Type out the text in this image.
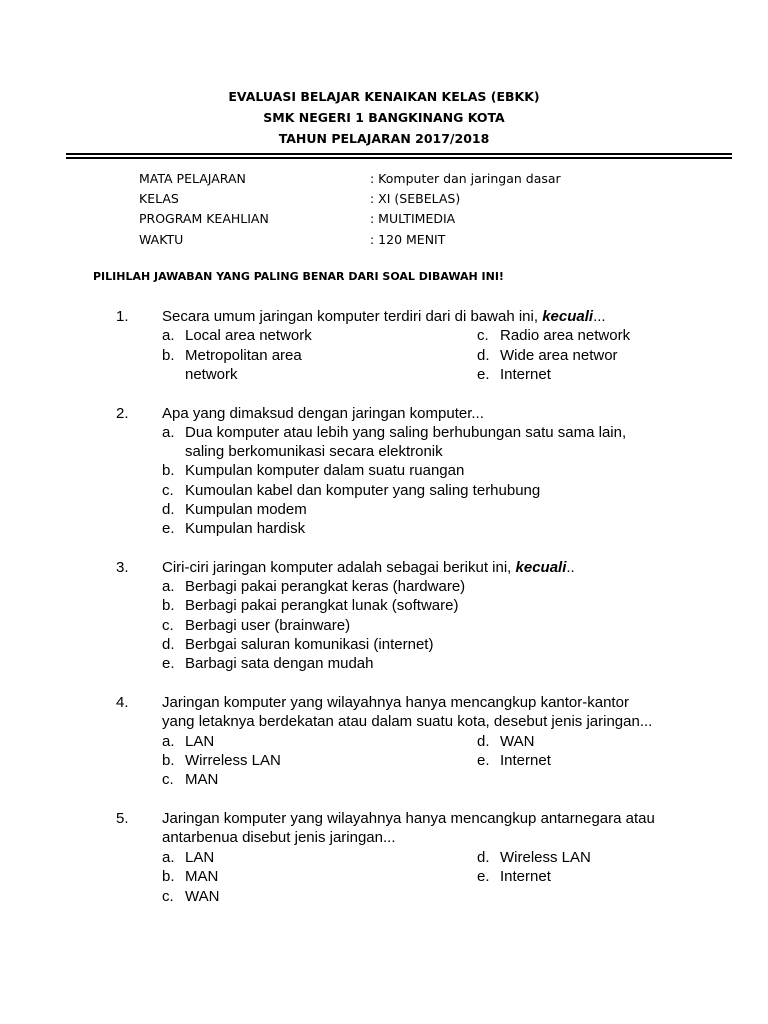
EVALUASI BELAJAR KENAIKAN KELAS (EBKK)
SMK NEGERI 1 BANGKINANG KOTA
TAHUN PELAJARAN 2017/2018
MATA PELAJARAN	: Komputer dan jaringan dasar
KELAS	: XI (SEBELAS)
PROGRAM KEAHLIAN	: MULTIMEDIA
WAKTU	: 120 MENIT
PILIHLAH JAWABAN YANG PALING BENAR DARI SOAL DIBAWAH INI!
1. Secara umum jaringan komputer terdiri dari di bawah ini, kecuali...
a. Local area network
b. Metropolitan area
network
c. Radio area network
d. Wide area networ
e. Internet
2. Apa yang dimaksud dengan jaringan komputer...
a. Dua komputer atau lebih yang saling berhubungan satu sama lain,
saling berkomunikasi secara elektronik
b. Kumpulan komputer dalam suatu ruangan
c. Kumoulan kabel dan komputer yang saling terhubung
d. Kumpulan modem
e. Kumpulan hardisk
3. Ciri-ciri jaringan komputer adalah sebagai berikut ini, kecuali..
a. Berbagi pakai perangkat keras (hardware)
b. Berbagi pakai perangkat lunak (software)
c. Berbagi user (brainware)
d. Berbgai saluran komunikasi (internet)
e. Barbagi sata dengan mudah
4. Jaringan komputer yang wilayahnya hanya mencangkup kantor-kantor
yang letaknya berdekatan atau dalam suatu kota, desebut jenis jaringan...
a. LAN
b. Wirreless LAN
c. MAN
d. WAN
e. Internet
5. Jaringan komputer yang wilayahnya hanya mencangkup antarnegara atau
antarbenua disebut jenis jaringan...
a. LAN
b. MAN
c. WAN
d. Wireless LAN
e. Internet
